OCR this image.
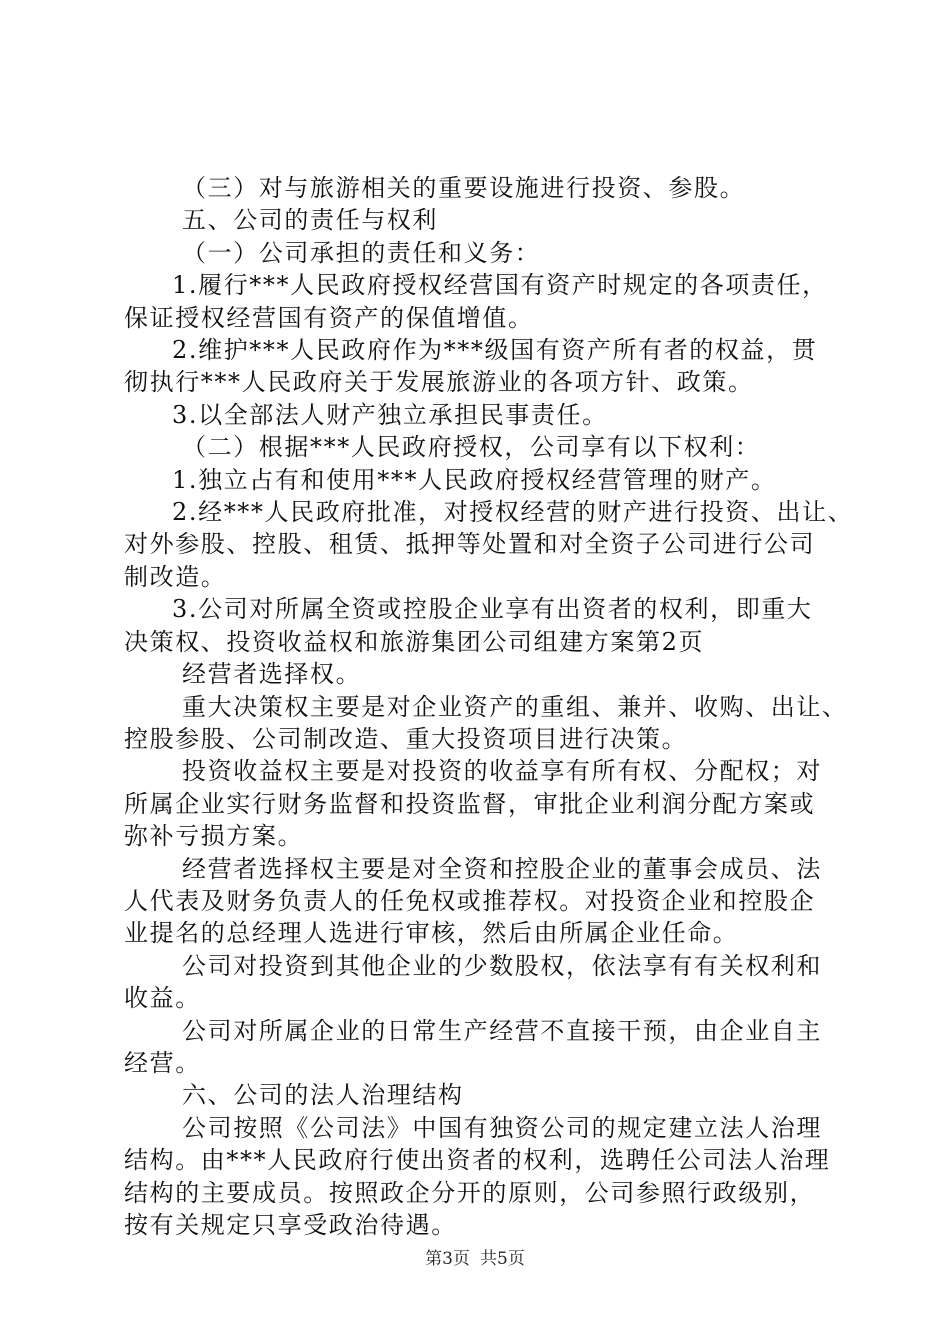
（三）对与旅游相关的重要设施进行投资、参股。

五、公司的责任与权利

（一）公司承担的责任和义务：

1.履行***人民政府授权经营国有资产时规定的各项责任，

保证授权经营国有资产的保值增值。

2.维护***人民政府作为***级国有资产所有者的权益，贯

彻执行***人民政府关于发展旅游业的各项方针、政策。

3.以全部法人财产独立承担民事责任。

（二）根据***人民政府授权，公司享有以下权利：

1.独立占有和使用***人民政府授权经营管理的财产。

2.经***人民政府批准，对授权经营的财产进行投资、出让、

对外参股、控股、租赁、抵押等处置和对全资子公司进行公司

制改造。

3.公司对所属全资或控股企业享有出资者的权利，即重大

决策权、投资收益权和旅游集团公司组建方案第2页

经营者选择权。

重大决策权主要是对企业资产的重组、兼并、收购、出让、

控股参股、公司制改造、重大投资项目进行决策。

投资收益权主要是对投资的收益享有所有权、分配权；对

所属企业实行财务监督和投资监督，审批企业利润分配方案或

弥补亏损方案。

经营者选择权主要是对全资和控股企业的董事会成员、法

人代表及财务负责人的任免权或推荐权。对投资企业和控股企

业提名的总经理人选进行审核，然后由所属企业任命。

公司对投资到其他企业的少数股权，依法享有有关权利和

收益。

公司对所属企业的日常生产经营不直接干预，由企业自主

经营。

六、公司的法人治理结构

公司按照《公司法》中国有独资公司的规定建立法人治理

结构。由***人民政府行使出资者的权利，选聘任公司法人治理

结构的主要成员。按照政企分开的原则，公司参照行政级别，

按有关规定只享受政治待遇。

第3页 共5页
